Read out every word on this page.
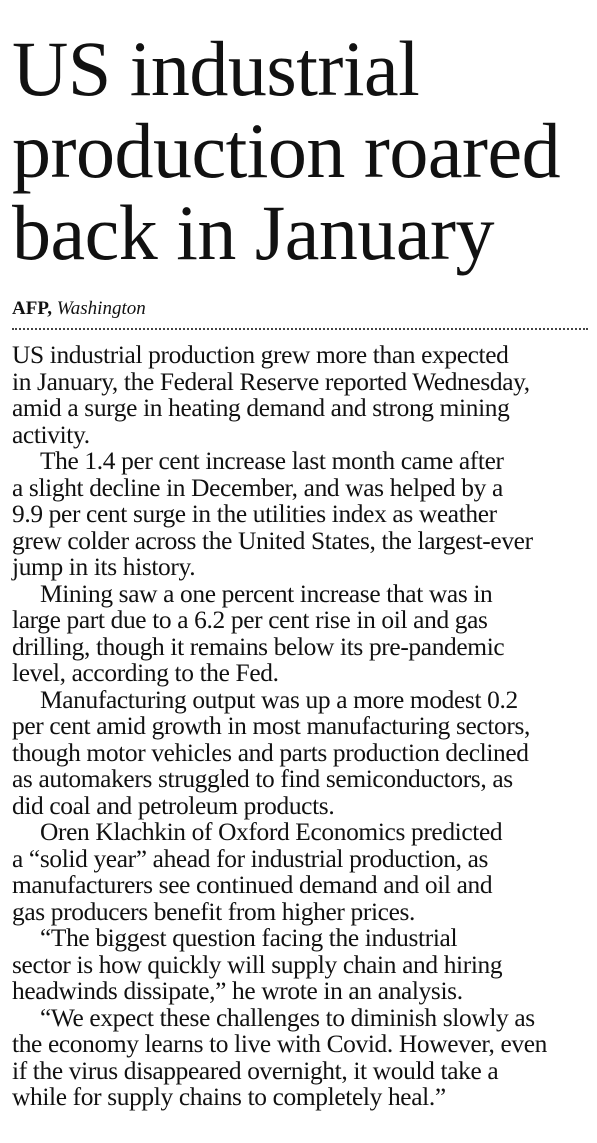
US industrial
production roared
back in January
AFP, Washington

US industrial production grew more than expected
in January, the Federal Reserve reported Wednesday,
amid a surge in heating demand and strong mining
activity.

The 1.4 per cent increase last month came after
a slight decline in December, and was helped by a
9.9 per cent surge in the utilities index as weather
grew colder across the United States, the largest-ever
jump in its history.

Mining saw a one percent increase that was in
large part due to a 6.2 per cent rise in oil and gas
drilling, though it remains below its pre-pandemic
level, according to the Fed.

Manufacturing output was up a more modest 0.2
per cent amid growth in most manufacturing sectors,
though motor vehicles and parts production declined
as automakers struggled to find semiconductors, as
did coal and petroleum products.

Oren Klachkin of Oxford Economics predicted
a “solid year” ahead for industrial production, as
manufacturers see continued demand and oil and
gas producers benefit from higher prices.

“The biggest question facing the industrial
sector is how quickly will supply chain and hiring
headwinds dissipate,” he wrote in an analysis.

“We expect these challenges to diminish slowly as
the economy learns to live with Covid. However, even
if the virus disappeared overnight, it would take a
while for supply chains to completely heal.”
